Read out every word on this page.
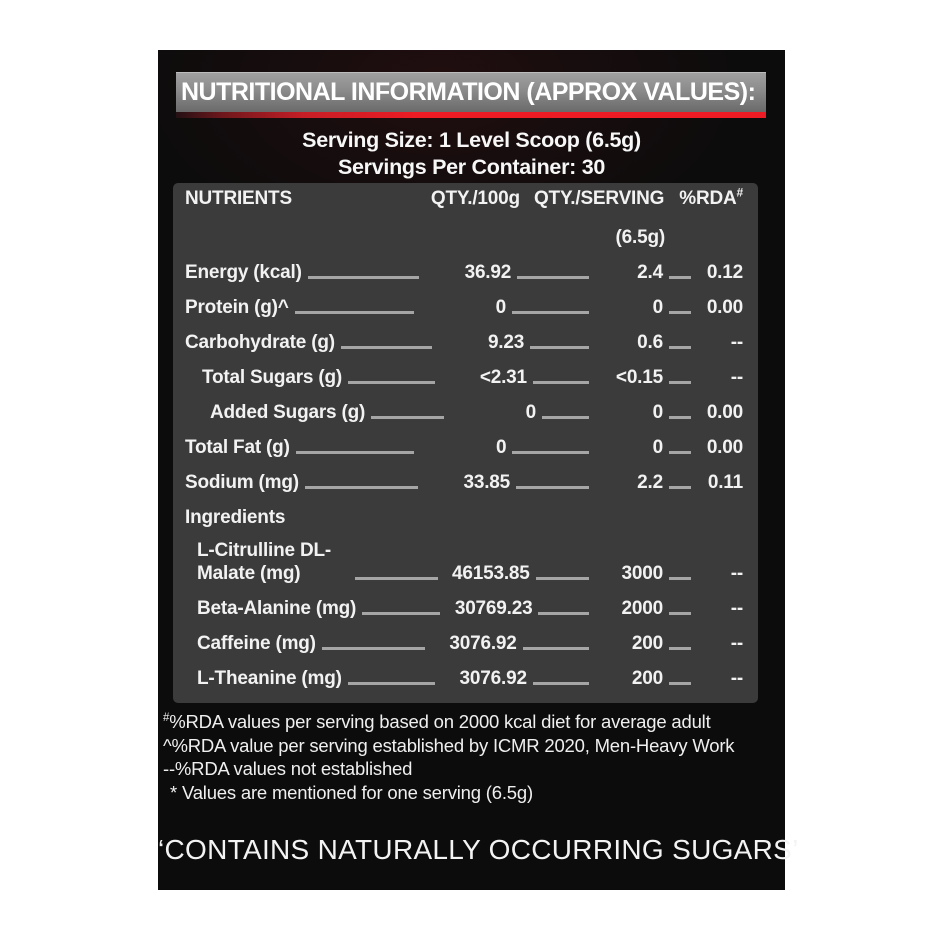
NUTRITIONAL INFORMATION (APPROX VALUES):
Serving Size: 1 Level Scoop (6.5g)
Servings Per Container: 30
NUTRIENTS	QTY./100g QTY./SERVING %RDA#
(6.5g)
Energy (kcal)	36.92	2.4	0.12
Protein (g)^	0	0	0.00
Carbohydrate (g)	9.23	0.6	--
Total Sugars (g)	<2.31	<0.15	--
Added Sugars (g)	0	0	0.00
Total Fat (g)	0	0	0.00
Sodium (mg)	33.85	2.2	0.11
Ingredients
L-Citrulline DL-Malate (mg)	46153.85	3000	--
Beta-Alanine (mg)	30769.23	2000	--
Caffeine (mg)	3076.92	200	--
L-Theanine (mg)	3076.92	200	--
#%RDA values per serving based on 2000 kcal diet for average adult
^%RDA value per serving established by ICMR 2020, Men-Heavy Work
--%RDA values not established
* Values are mentioned for one serving (6.5g)
‘CONTAINS NATURALLY OCCURRING SUGARS’
